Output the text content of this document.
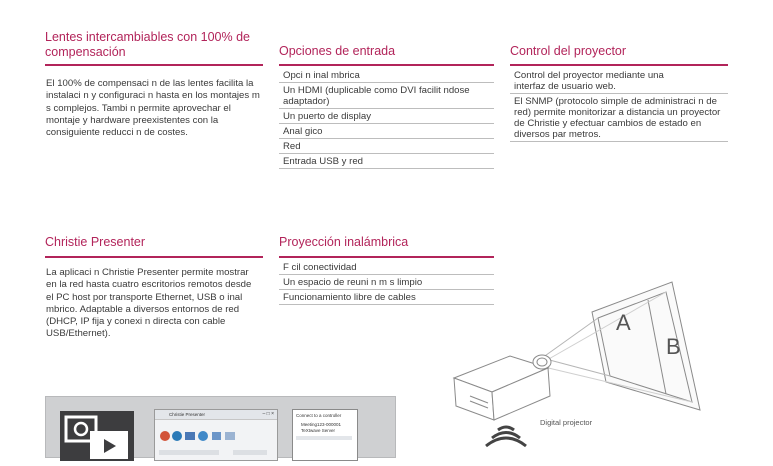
Lentes intercambiables con 100% de compensación
El 100% de compensaci n de las lentes facilita la instalaci n y configuraci n hasta en los montajes m s complejos. Tambi n permite aprovechar el montaje y hardware preexistentes con la consiguiente reducci n de costes.
Opciones de entrada
Opci n inal mbrica
Un HDMI (duplicable como DVI facilit ndose adaptador)
Un puerto de display
Anal gico
Red
Entrada USB y red
Control del proyector
Control del proyector mediante una interfaz de usuario web.
El SNMP (protocolo simple de administraci n de red) permite monitorizar a distancia un proyector de Christie y efectuar cambios de estado en diversos par metros.
Christie Presenter
La aplicaci n Christie Presenter permite mostrar en la red hasta cuatro escritorios remotos desde el PC host por transporte Ethernet, USB o inal mbrico. Adaptable a diversos entornos de red (DHCP, IP fija y conexi n directa con cable USB/Ethernet).
Proyección inalámbrica
F cil conectividad
Un espacio de reuni n m s limpio
Funcionamiento libre de cables
Christie Presenter	– □ ×	Connect to a controller
Meeting123-000001
TeXtwave Server
A
B
Digital projector
